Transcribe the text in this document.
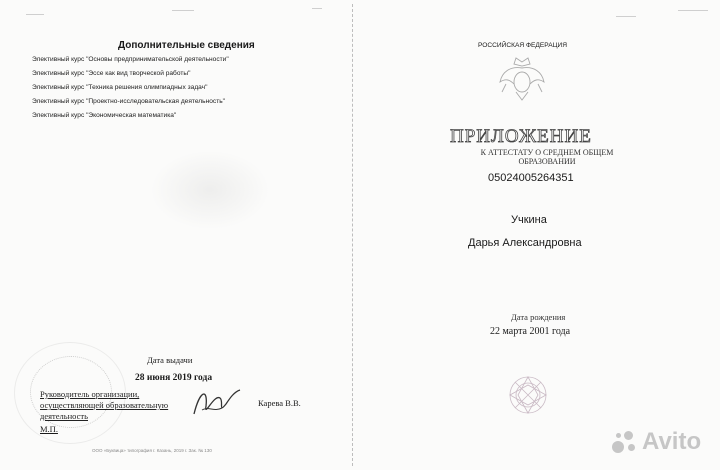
Дополнительные сведения
Элективный курс "Основы предпринимательской деятельности"
Элективный курс "Эссе как вид творческой работы"
Элективный курс "Техника решения олимпиадных задач"
Элективный курс "Проектно-исследовательская деятельность"
Элективный курс "Экономическая математика"
Дата выдачи
28 июня 2019 года
Руководитель организации,
осуществляющей образовательную
деятельность
М.П.
Карева В.В.
ООО «Буквица» типография г. Казань, 2019 г. Зак. № 130
РОССИЙСКАЯ ФЕДЕРАЦИЯ
ПРИЛОЖЕНИЕ
К АТТЕСТАТУ О СРЕДНЕМ ОБЩЕМ
ОБРАЗОВАНИИ
05024005264351
Учкина
Дарья Александровна
Дата рождения
22 марта 2001 года
Avito
